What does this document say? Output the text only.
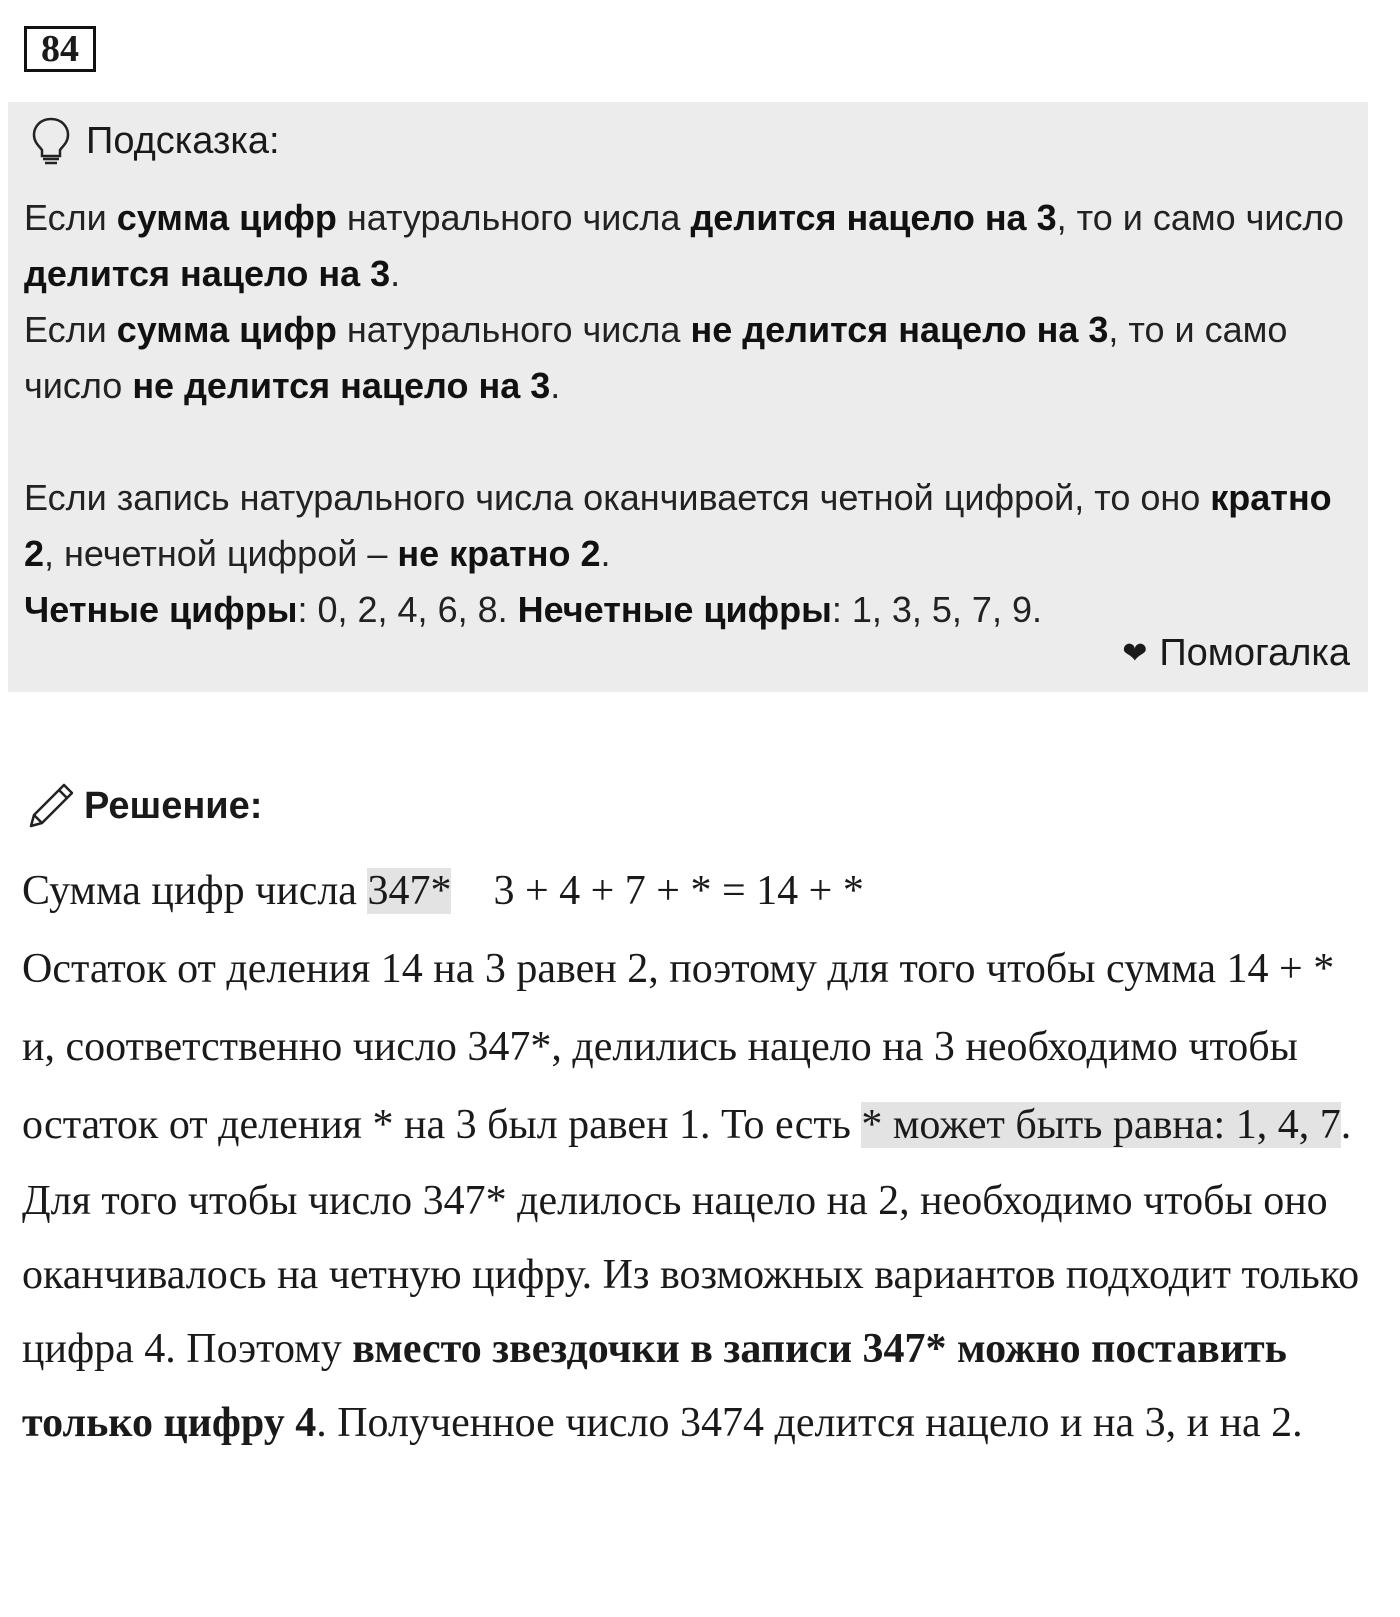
84
Подсказка:

Если сумма цифр натурального числа делится нацело на 3, то и само число делится нацело на 3.

Если сумма цифр натурального числа не делится нацело на 3, то и само число не делится нацело на 3.

Если запись натурального числа оканчивается четной цифрой, то оно кратно 2, нечетной цифрой – не кратно 2.

Четные цифры: 0, 2, 4, 6, 8. Нечетные цифры: 1, 3, 5, 7, 9.

❤ Помогалка
Решение:

Сумма цифр числа 347*    3 + 4 + 7 + * = 14 + *

Остаток от деления 14 на 3 равен 2, поэтому для того чтобы сумма 14 + * и, соответственно число 347*, делились нацело на 3 необходимо чтобы остаток от деления * на 3 был равен 1. То есть * может быть равна: 1, 4, 7.

Для того чтобы число 347* делилось нацело на 2, необходимо чтобы оно оканчивалось на четную цифру. Из возможных вариантов подходит только цифра 4. Поэтому вместо звездочки в записи 347* можно поставить только цифру 4. Полученное число 3474 делится нацело и на 3, и на 2.
